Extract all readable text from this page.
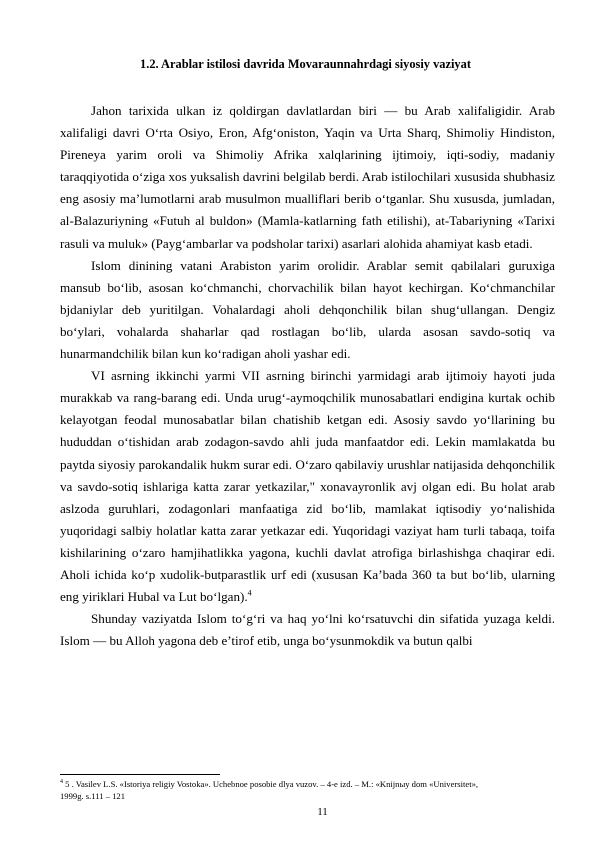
1.2. Arablar istilosi davrida Movaraunnahrdagi siyosiy vaziyat

Jahon tarixida ulkan iz qoldirgan davlatlardan biri — bu Arab xalifaligidir. Arab xalifaligi davri O‘rta Osiyo, Eron, Afg‘oniston, Yaqin va Urta Sharq, Shimoliy Hindiston, Pireneya yarim oroli va Shimoliy Afrika xalqlarining ijtimoiy, iqti-sodiy, madaniy taraqqiyotida o‘ziga xos yuksalish davrini belgilab berdi. Arab istilochilari xususida shubhasiz eng asosiy ma’lumotlarni arab musulmon mualliflari berib o‘tganlar. Shu xususda, jumladan, al-Balazuriyning «Futuh al buldon» (Mamla-katlarning fath etilishi), at-Tabariyning «Tarixi rasuli va muluk» (Payg‘ambarlar va podsholar tarixi) asarlari alohida ahamiyat kasb etadi.

Islom dinining vatani Arabiston yarim orolidir. Arablar semit qabilalari guruxiga mansub bo‘lib, asosan ko‘chmanchi, chorvachilik bilan hayot kechirgan. Ko‘chmanchilar bjdaniylar deb yuritilgan. Vohalardagi aholi dehqonchilik bilan shug‘ullangan. Dengiz bo‘ylari, vohalarda shaharlar qad rostlagan bo‘lib, ularda asosan savdo-sotiq va hunarmandchilik bilan kun ko‘radigan aholi yashar edi.

VI asrning ikkinchi yarmi VII asrning birinchi yarmidagi arab ijtimoiy hayoti juda murakkab va rang-barang edi. Unda urug‘-aymoqchilik munosabatlari endigina kurtak ochib kelayotgan feodal munosabatlar bilan chatishib ketgan edi. Asosiy savdo yo‘llarining bu hududdan o‘tishidan arab zodagon-savdo ahli juda manfaatdor edi. Lekin mamlakatda bu paytda siyosiy parokandalik hukm surar edi. O‘zaro qabilaviy urushlar natijasida dehqonchilik va savdo-sotiq ishlariga katta zarar yetkazilar," xonavayronlik avj olgan edi. Bu holat arab aslzoda guruhlari, zodagonlari manfaatiga zid bo‘lib, mamlakat iqtisodiy yo‘nalishida yuqoridagi salbiy holatlar katta zarar yetkazar edi. Yuqoridagi vaziyat ham turli tabaqa, toifa kishilarining o‘zaro hamjihatlikka yagona, kuchli davlat atrofiga birlashishga chaqirar edi. Aholi ichida ko‘p xudolik-butparastlik urf edi (xususan Ka’bada 360 ta but bo‘lib, ularning eng yiriklari Hubal va Lut bo‘lgan).$^4$

Shunday vaziyatda Islom to‘g‘ri va haq yo‘lni ko‘rsatuvchi din sifatida yuzaga keldi. Islom — bu Alloh yagona deb e’tirof etib, unga bo‘ysunmokdik va butun qalbi

$^4$ 5 . Vasilev L.S. «Istoriya religiy Vostoka». Uchebnoe posobie dlya vuzov. – 4-e izd. – M.: «Knijnыy dom «Universitet»,
1999g. s.111 – 121
11
